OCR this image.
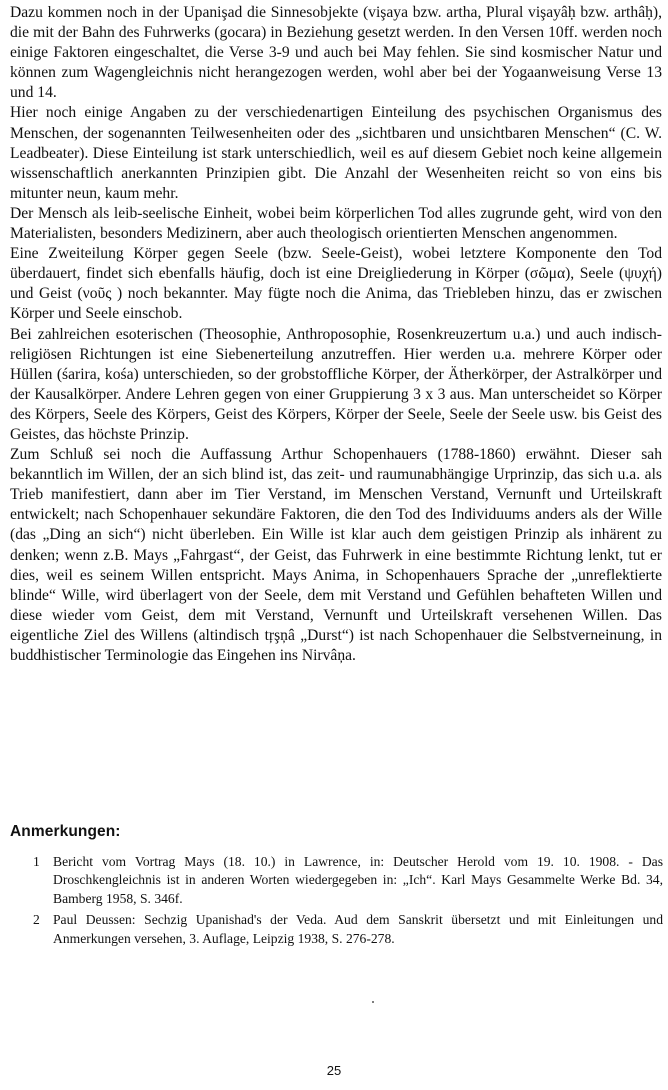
Dazu kommen noch in der Upanişad die Sinnesobjekte (vişaya bzw. artha, Plural vişayâḥ bzw. arthâḥ), die mit der Bahn des Fuhrwerks (gocara) in Beziehung gesetzt werden. In den Versen 10ff. werden noch einige Faktoren eingeschaltet, die Verse 3-9 und auch bei May fehlen. Sie sind kosmischer Natur und können zum Wagengleichnis nicht herangezogen werden, wohl aber bei der Yogaanweisung Verse 13 und 14.

Hier noch einige Angaben zu der verschiedenartigen Einteilung des psychischen Organismus des Menschen, der sogenannten Teilwesenheiten oder des „sichtbaren und unsichtbaren Menschen“ (C. W. Leadbeater). Diese Einteilung ist stark unterschiedlich, weil es auf diesem Gebiet noch keine allgemein wissenschaftlich anerkannten Prinzipien gibt. Die Anzahl der Wesenheiten reicht so von eins bis mitunter neun, kaum mehr.

Der Mensch als leib-seelische Einheit, wobei beim körperlichen Tod alles zugrunde geht, wird von den Materialisten, besonders Medizinern, aber auch theologisch orientierten Menschen angenommen.

Eine Zweiteilung Körper gegen Seele (bzw. Seele-Geist), wobei letztere Komponente den Tod überdauert, findet sich ebenfalls häufig, doch ist eine Dreigliederung in Körper (σῶμα), Seele (ψυχή) und Geist (νοῦς ) noch bekannter. May fügte noch die Anima, das Triebleben hinzu, das er zwischen Körper und Seele einschob.

Bei zahlreichen esoterischen (Theosophie, Anthroposophie, Rosenkreuzertum u.a.) und auch indisch-religiösen Richtungen ist eine Siebenerteilung anzutreffen. Hier werden u.a. mehrere Körper oder Hüllen (śarira, kośa) unterschieden, so der grobstoffliche Körper, der Ätherkörper, der Astralkörper und der Kausalkörper. Andere Lehren gegen von einer Gruppierung 3 x 3 aus. Man unterscheidet so Körper des Körpers, Seele des Körpers, Geist des Körpers, Körper der Seele, Seele der Seele usw. bis Geist des Geistes, das höchste Prinzip.

Zum Schluß sei noch die Auffassung Arthur Schopenhauers (1788-1860) erwähnt. Dieser sah bekanntlich im Willen, der an sich blind ist, das zeit- und raumunabhängige Urprinzip, das sich u.a. als Trieb manifestiert, dann aber im Tier Verstand, im Menschen Verstand, Vernunft und Urteilskraft entwickelt; nach Schopenhauer sekundäre Faktoren, die den Tod des Individuums anders als der Wille (das „Ding an sich“) nicht überleben. Ein Wille ist klar auch dem geistigen Prinzip als inhärent zu denken; wenn z.B. Mays „Fahrgast“, der Geist, das Fuhrwerk in eine bestimmte Richtung lenkt, tut er dies, weil es seinem Willen entspricht. Mays Anima, in Schopenhauers Sprache der „unreflektierte blinde“ Wille, wird überlagert von der Seele, dem mit Verstand und Gefühlen behafteten Willen und diese wieder vom Geist, dem mit Verstand, Vernunft und Urteilskraft versehenen Willen. Das eigentliche Ziel des Willens (altindisch tŗşņâ „Durst“) ist nach Schopenhauer die Selbstverneinung, in buddhistischer Terminologie das Eingehen ins Nirvâņa.

Anmerkungen:
1 Bericht vom Vortrag Mays (18. 10.) in Lawrence, in: Deutscher Herold vom 19. 10. 1908. - Das Droschkengleichnis ist in anderen Worten wiedergegeben in: „Ich“. Karl Mays Gesammelte Werke Bd. 34, Bamberg 1958, S. 346f.
2 Paul Deussen: Sechzig Upanishad's der Veda. Aud dem Sanskrit übersetzt und mit Einleitungen und Anmerkungen versehen, 3. Auflage, Leipzig 1938, S. 276-278.
25
